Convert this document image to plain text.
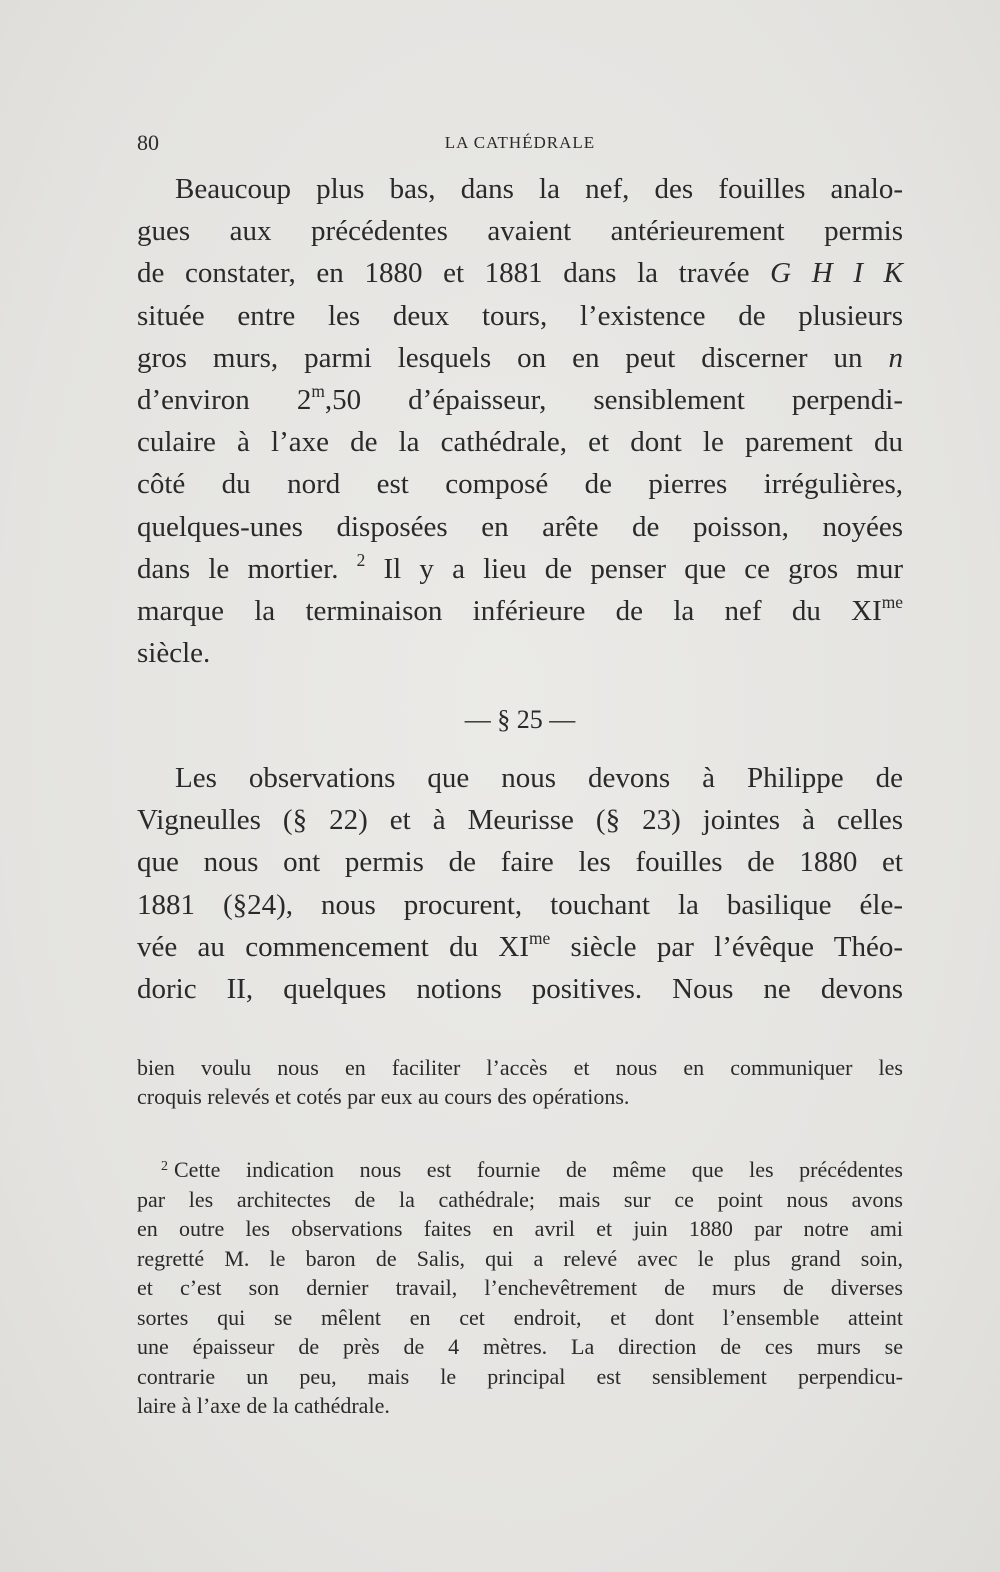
80	LA CATHÉDRALE
Beaucoup plus bas, dans la nef, des fouilles analo-
gues aux précédentes avaient antérieurement permis
de constater, en 1880 et 1881 dans la travée G H I K
située entre les deux tours, l’existence de plusieurs
gros murs, parmi lesquels on en peut discerner un n
d’environ 2$^m$,50 d’épaisseur, sensiblement perpendi-
culaire à l’axe de la cathédrale, et dont le parement du
côté du nord est composé de pierres irrégulières,
quelques-unes disposées en arête de poisson, noyées
dans le mortier. $^2$ Il y a lieu de penser que ce gros mur
marque la terminaison inférieure de la nef du $XI^{me}$
siècle.
— § 25 —
Les observations que nous devons à Philippe de
Vigneulles (§ 22) et à Meurisse (§ 23) jointes à celles
que nous ont permis de faire les fouilles de 1880 et
1881 (§24), nous procurent, touchant la basilique éle-
vée au commencement du $XI^{me}$ siècle par l’évêque Théo-
doric II, quelques notions positives. Nous ne devons
bien voulu nous en faciliter l’accès et nous en communiquer les
croquis relevés et cotés par eux au cours des opérations.
$^2$ Cette indication nous est fournie de même que les précédentes
par les architectes de la cathédrale; mais sur ce point nous avons
en outre les observations faites en avril et juin 1880 par notre ami
regretté M. le baron de Salis, qui a relevé avec le plus grand soin,
et c’est son dernier travail, l’enchevêtrement de murs de diverses
sortes qui se mêlent en cet endroit, et dont l’ensemble atteint
une épaisseur de près de 4 mètres. La direction de ces murs se
contrarie un peu, mais le principal est sensiblement perpendicu-
laire à l’axe de la cathédrale.
